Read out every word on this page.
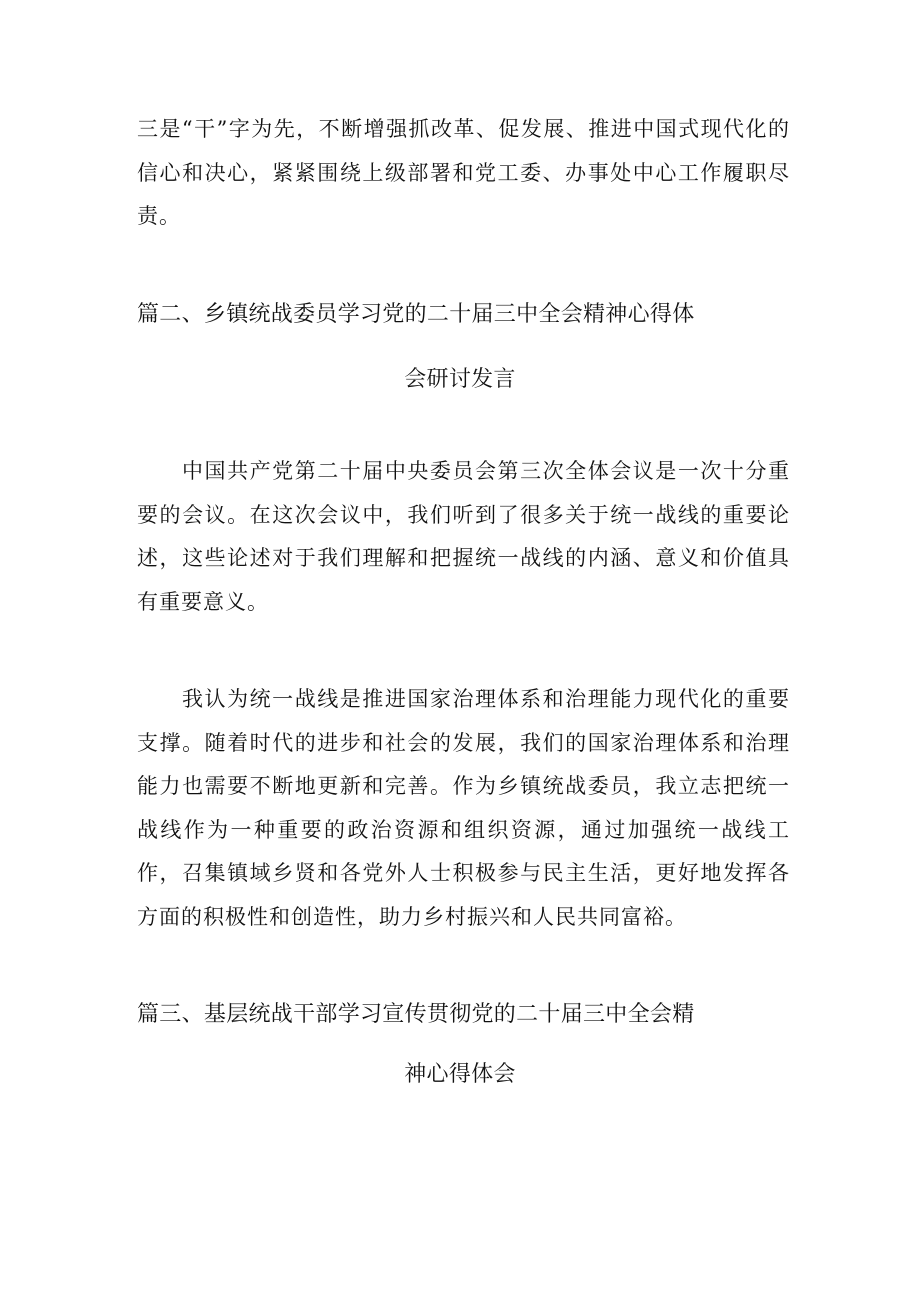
三是“干”字为先，不断增强抓改革、促发展、推进中国式现代化的信心和决心，紧紧围绕上级部署和党工委、办事处中心工作履职尽责。

篇二、乡镇统战委员学习党的二十届三中全会精神心得体
会研讨发言

中国共产党第二十届中央委员会第三次全体会议是一次十分重要的会议。在这次会议中，我们听到了很多关于统一战线的重要论述，这些论述对于我们理解和把握统一战线的内涵、意义和价值具有重要意义。

我认为统一战线是推进国家治理体系和治理能力现代化的重要支撑。随着时代的进步和社会的发展，我们的国家治理体系和治理能力也需要不断地更新和完善。作为乡镇统战委员，我立志把统一战线作为一种重要的政治资源和组织资源，通过加强统一战线工作，召集镇域乡贤和各党外人士积极参与民主生活，更好地发挥各方面的积极性和创造性，助力乡村振兴和人民共同富裕。

篇三、基层统战干部学习宣传贯彻党的二十届三中全会精
神心得体会
